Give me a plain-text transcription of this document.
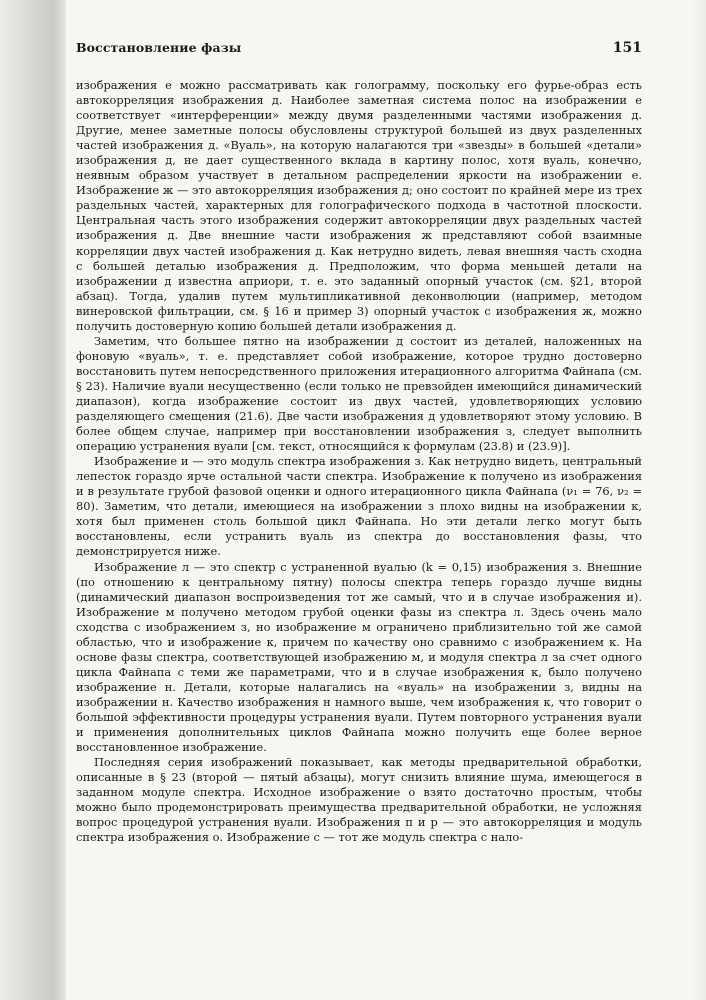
Восстановление фазы	151

изображения е можно рассматривать как голограмму, поскольку его фурье-образ есть автокорреляция изображения д. Наиболее заметная система полос на изображении е соответствует «интерференции» между двумя разделенными частями изображения д. Другие, менее заметные полосы обусловлены структурой большей из двух разделенных частей изображения д. «Вуаль», на которую налагаются три «звезды» в большей «детали» изображения д, не дает существенного вклада в картину полос, хотя вуаль, конечно, неявным образом участвует в детальном распределении яркости на изображении е. Изображение ж — это автокорреляция изображения д; оно состоит по крайней мере из трех раздельных частей, характерных для голографического подхода в частотной плоскости. Центральная часть этого изображения содержит автокорреляции двух раздельных частей изображения д. Две внешние части изображения ж представляют собой взаимные корреляции двух частей изображения д. Как нетрудно видеть, левая внешняя часть сходна с большей деталью изображения д. Предположим, что форма меньшей детали на изображении д известна априори, т. е. это заданный опорный участок (см. §21, второй абзац). Тогда, удалив путем мультипликативной деконволюции (например, методом винеровской фильтрации, см. § 16 и пример 3) опорный участок с изображения ж, можно получить достоверную копию большей детали изображения д.

Заметим, что большее пятно на изображении д состоит из деталей, наложенных на фоновую «вуаль», т. е. представляет собой изображение, которое трудно достоверно восстановить путем непосредственного приложения итерационного алгоритма Файнапа (см. § 23). Наличие вуали несущественно (если только не превзойден имеющийся динамический диапазон), когда изображение состоит из двух частей, удовлетворяющих условию разделяющего смещения (21.6). Две части изображения д удовлетворяют этому условию. В более общем случае, например при восстановлении изображения з, следует выполнить операцию устранения вуали [см. текст, относящийся к формулам (23.8) и (23.9)].

Изображение и — это модуль спектра изображения з. Как нетрудно видеть, центральный лепесток гораздо ярче остальной части спектра. Изображение к получено из изображения и в результате грубой фазовой оценки и одного итерационного цикла Файнапа (ν₁ = 76, ν₂ = 80). Заметим, что детали, имеющиеся на изображении з плохо видны на изображении к, хотя был применен столь большой цикл Файнапа. Но эти детали легко могут быть восстановлены, если устранить вуаль из спектра до восстановления фазы, что демонстрируется ниже.

Изображение л — это спектр с устраненной вуалью (k = 0,15) изображения з. Внешние (по отношению к центральному пятну) полосы спектра теперь гораздо лучше видны (динамический диапазон воспроизведения тот же самый, что и в случае изображения и). Изображение м получено методом грубой оценки фазы из спектра л. Здесь очень мало сходства с изображением з, но изображение м ограничено приблизительно той же самой областью, что и изображение к, причем по качеству оно сравнимо с изображением к. На основе фазы спектра, соответствующей изображению м, и модуля спектра л за счет одного цикла Файнапа с теми же параметрами, что и в случае изображения к, было получено изображение н. Детали, которые налагались на «вуаль» на изображении з, видны на изображении н. Качество изображения н намного выше, чем изображения к, что говорит о большой эффективности процедуры устранения вуали. Путем повторного устранения вуали и применения дополнительных циклов Файнапа можно получить еще более верное восстановленное изображение.

Последняя серия изображений показывает, как методы предварительной обработки, описанные в § 23 (второй — пятый абзацы), могут снизить влияние шума, имеющегося в заданном модуле спектра. Исходное изображение о взято достаточно простым, чтобы можно было продемонстрировать преимущества предварительной обработки, не усложняя вопрос процедурой устранения вуали. Изображения п и р — это автокорреляция и модуль спектра изображения о. Изображение с — тот же модуль спектра с нало-
